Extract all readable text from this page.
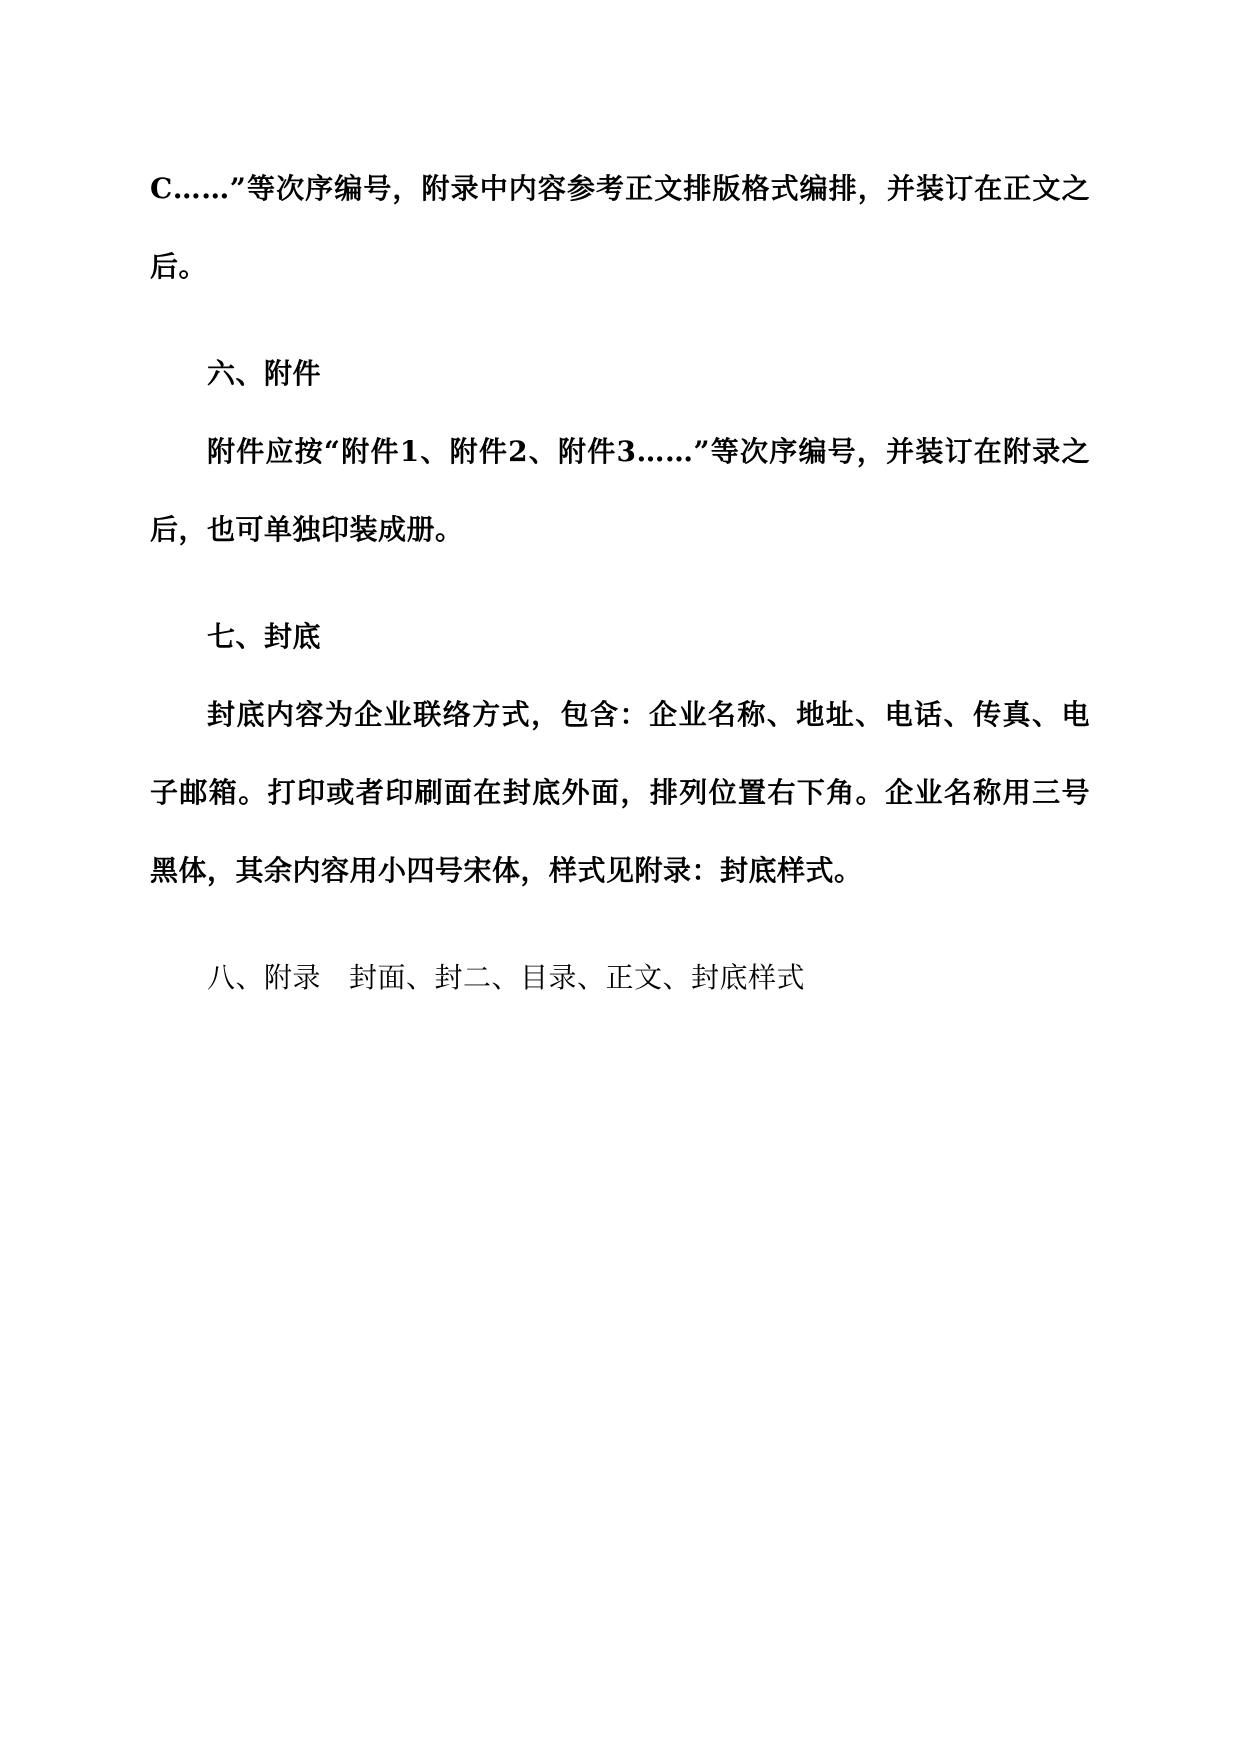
C……”等次序编号，附录中内容参考正文排版格式编排，并装订在正文之
后。
六、附件
附件应按“附件1、附件2、附件3……”等次序编号，并装订在附录之
后，也可单独印装成册。
七、封底
封底内容为企业联络方式，包含：企业名称、地址、电话、传真、电
子邮箱。打印或者印刷面在封底外面，排列位置右下角。企业名称用三号
黑体，其余内容用小四号宋体，样式见附录：封底样式。
八、附录 封面、封二、目录、正文、封底样式
